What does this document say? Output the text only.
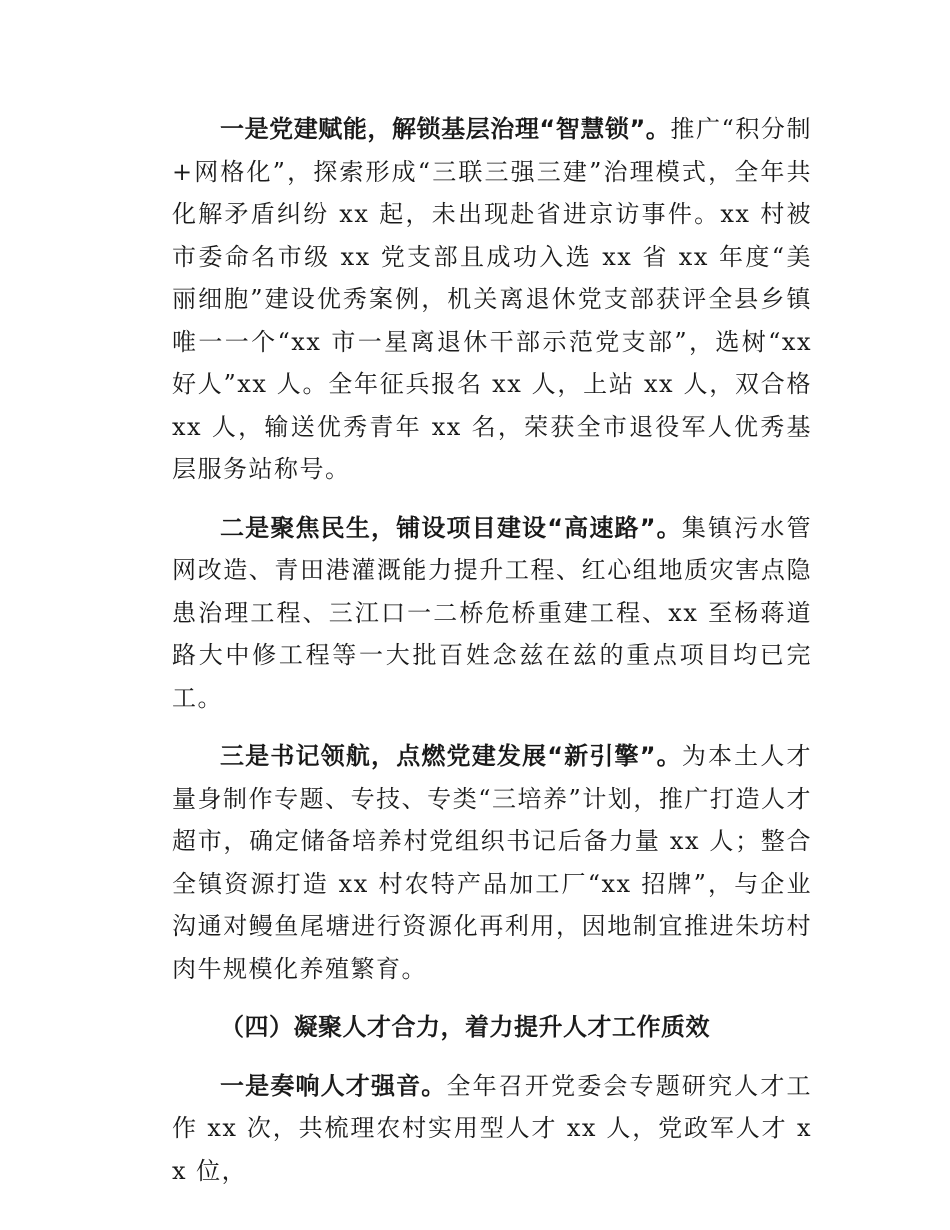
一是党建赋能，解锁基层治理“智慧锁”。推广“积分制+网格化”，探索形成“三联三强三建”治理模式，全年共化解矛盾纠纷 xx 起，未出现赴省进京访事件。xx 村被市委命名市级 xx 党支部且成功入选 xx 省 xx 年度“美丽细胞”建设优秀案例，机关离退休党支部获评全县乡镇唯一一个“xx 市一星离退休干部示范党支部”，选树“xx 好人”xx 人。全年征兵报名 xx 人，上站 xx 人，双合格 xx 人，输送优秀青年 xx 名，荣获全市退役军人优秀基层服务站称号。

二是聚焦民生，铺设项目建设“高速路”。集镇污水管网改造、青田港灌溉能力提升工程、红心组地质灾害点隐患治理工程、三江口一二桥危桥重建工程、xx 至杨蒋道路大中修工程等一大批百姓念兹在兹的重点项目均已完工。

三是书记领航，点燃党建发展“新引擎”。为本土人才量身制作专题、专技、专类“三培养”计划，推广打造人才超市，确定储备培养村党组织书记后备力量 xx 人；整合全镇资源打造 xx 村农特产品加工厂“xx 招牌”，与企业沟通对鳗鱼尾塘进行资源化再利用，因地制宜推进朱坊村肉牛规模化养殖繁育。

（四）凝聚人才合力，着力提升人才工作质效

一是奏响人才强音。全年召开党委会专题研究人才工作 xx 次，共梳理农村实用型人才 xx 人，党政军人才 xx 位，
